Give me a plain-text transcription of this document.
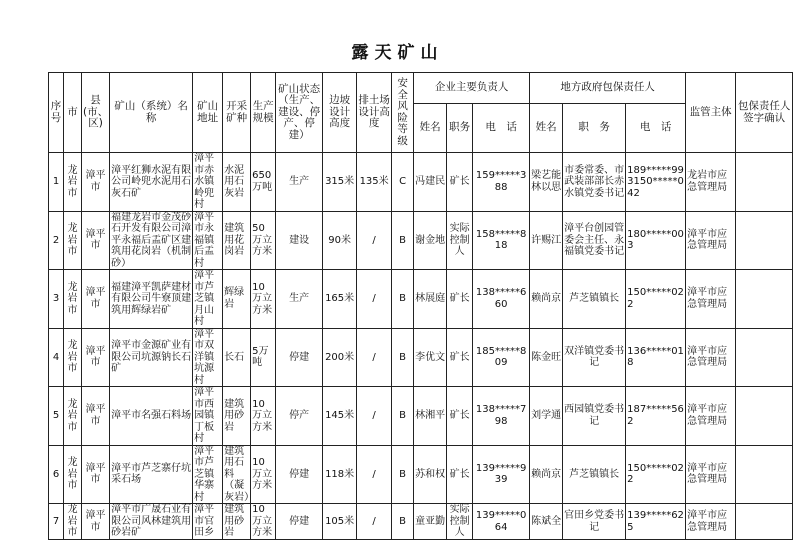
露天矿山
序号	市	县(市、区)	矿山（系统）名称	矿山地址	开采矿种	生产规模	矿山状态（生产、建设、停产、停建）	边坡设计高度	排土场设计高度	安全风险等级	企业主要负责人			地方政府包保责任人			监管主体	包保责任人签字确认
											姓名	职务	电　话	姓名	职　务	电　话		
1	龙岩市	漳平市	漳平红狮水泥有限公司岭兜水泥用石灰石矿	漳平市赤水镇岭兜村	水泥用石灰岩	650万吨	生产	315米	135米	C	冯建民	矿长	159*****388	梁艺能林以思	市委常委、市武装部部长赤水镇党委书记	189*****993150*****042	龙岩市应急管理局	
2	龙岩市	漳平市	福建龙岩市金茂砂石开发有限公司漳平永福后盂矿区建筑用花岗岩（机制砂）	漳平市永福镇后盂村	建筑用花岗岩	50万立方米	建设	90米	/	B	谢金地	实际控制人	158*****818	许赐江	漳平台创园管委会主任、永福镇党委书记	180*****003	漳平市应急管理局	
3	龙岩市	漳平市	福建漳平凯萨建材有限公司牛寮顶建筑用辉绿岩矿	漳平市芦芝镇月山村	辉绿岩	10万立方米	生产	165米	/	B	林展庭	矿长	138*****660	赖尚京	芦芝镇镇长	150*****022	漳平市应急管理局	
4	龙岩市	漳平市	漳平市金源矿业有限公司坑源钠长石矿	漳平市双洋镇坑源村	长石	5万吨	停建	200米	/	B	李优文	矿长	185*****809	陈金旺	双洋镇党委书记	136*****018	漳平市应急管理局	
5	龙岩市	漳平市	漳平市名强石料场	漳平市西园镇丁板村	建筑用砂岩	10万立方米	停产	145米	/	B	林湘平	矿长	138*****798	刘学通	西园镇党委书记	187*****562	漳平市应急管理局	
6	龙岩市	漳平市	漳平市芦芝寨仔坑采石场	漳平市芦芝镇华寨村	建筑用石料（凝灰岩）	10万立方米	停建	118米	/	B	苏和权	矿长	139*****939	赖尚京	芦芝镇镇长	150*****022	漳平市应急管理局	
7	龙岩市	漳平市	漳平市广晟石业有限公司风林建筑用砂岩矿	漳平市官田乡	建筑用砂岩	10万立方米	停建	105米	/	B	童亚勤	实际控制人	139*****064	陈斌全	官田乡党委书记	139*****625	漳平市应急管理局	
